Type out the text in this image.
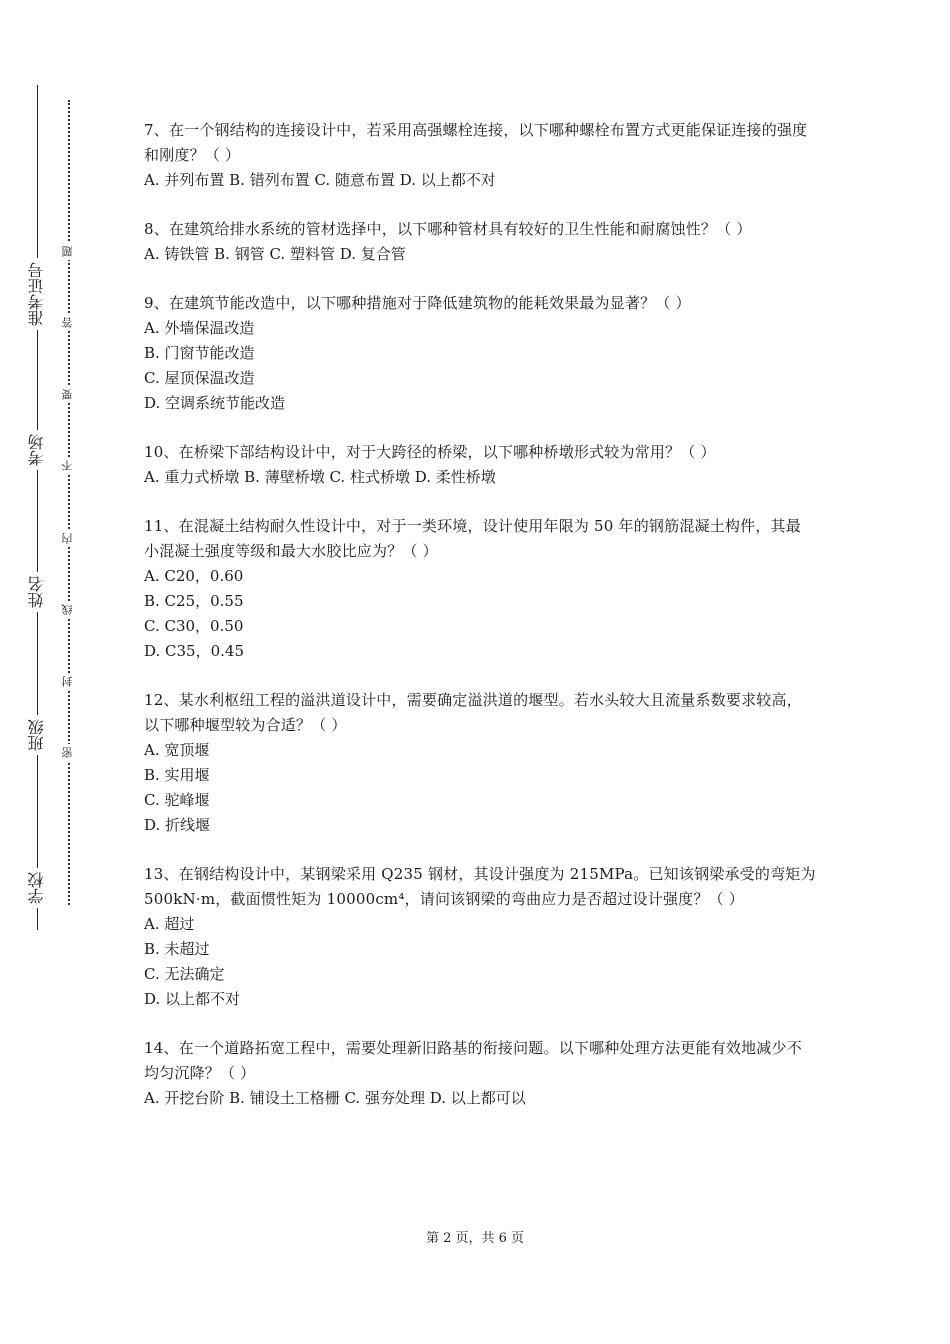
准考证号
考场
姓名
班级
学校
题
答
要
不
内
线
封
密

7、在一个钢结构的连接设计中，若采用高强螺栓连接，以下哪种螺栓布置方式更能保证连接的强度和刚度？（ ）

A. 并列布置 B. 错列布置 C. 随意布置 D. 以上都不对

8、在建筑给排水系统的管材选择中，以下哪种管材具有较好的卫生性能和耐腐蚀性？（ ）

A. 铸铁管 B. 钢管 C. 塑料管 D. 复合管

9、在建筑节能改造中，以下哪种措施对于降低建筑物的能耗效果最为显著？（ ）

A. 外墙保温改造

B. 门窗节能改造

C. 屋顶保温改造

D. 空调系统节能改造

10、在桥梁下部结构设计中，对于大跨径的桥梁，以下哪种桥墩形式较为常用？（ ）

A. 重力式桥墩 B. 薄壁桥墩 C. 柱式桥墩 D. 柔性桥墩

11、在混凝土结构耐久性设计中，对于一类环境，设计使用年限为 50 年的钢筋混凝土构件，其最小混凝土强度等级和最大水胶比应为？（ ）

A. C20，0.60

B. C25，0.55

C. C30，0.50

D. C35，0.45

12、某水利枢纽工程的溢洪道设计中，需要确定溢洪道的堰型。若水头较大且流量系数要求较高，以下哪种堰型较为合适？（ ）

A. 宽顶堰

B. 实用堰

C. 驼峰堰

D. 折线堰

13、在钢结构设计中，某钢梁采用 Q235 钢材，其设计强度为 215MPa。已知该钢梁承受的弯矩为 500kN·m，截面惯性矩为 10000cm⁴，请问该钢梁的弯曲应力是否超过设计强度？（ ）

A. 超过

B. 未超过

C. 无法确定

D. 以上都不对

14、在一个道路拓宽工程中，需要处理新旧路基的衔接问题。以下哪种处理方法更能有效地减少不均匀沉降？（ ）

A. 开挖台阶 B. 铺设土工格栅 C. 强夯处理 D. 以上都可以

第 2 页，共 6 页
